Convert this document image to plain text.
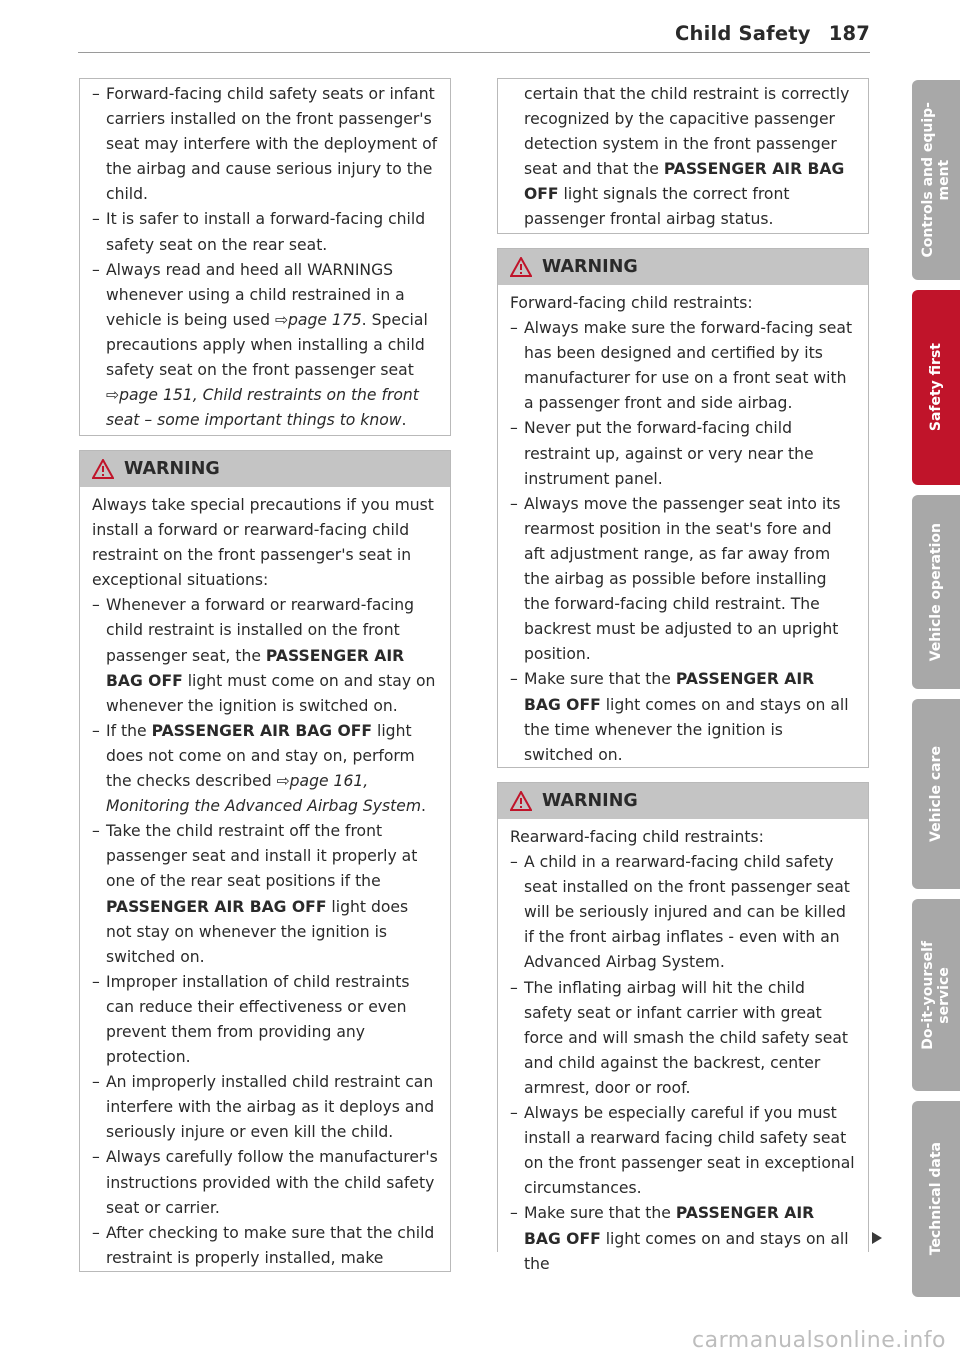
Child Safety 187
– Forward-facing child safety seats or infant carriers installed on the front passenger's seat may interfere with the deployment of the airbag and cause serious injury to the child.
– It is safer to install a forward-facing child safety seat on the rear seat.
– Always read and heed all WARNINGS whenever using a child restrained in a vehicle is being used ⇨page 175. Special precautions apply when installing a child safety seat on the front passenger seat ⇨page 151, Child restraints on the front seat – some important things to know.
WARNING
Always take special precautions if you must install a forward or rearward-facing child restraint on the front passenger's seat in exceptional situations:
– Whenever a forward or rearward-facing child restraint is installed on the front passenger seat, the PASSENGER AIR BAG OFF light must come on and stay on whenever the ignition is switched on.
– If the PASSENGER AIR BAG OFF light does not come on and stay on, perform the checks described ⇨page 161, Monitoring the Advanced Airbag System.
– Take the child restraint off the front passenger seat and install it properly at one of the rear seat positions if the PASSENGER AIR BAG OFF light does not stay on whenever the ignition is switched on.
– Improper installation of child restraints can reduce their effectiveness or even prevent them from providing any protection.
– An improperly installed child restraint can interfere with the airbag as it deploys and seriously injure or even kill the child.
– Always carefully follow the manufacturer's instructions provided with the child safety seat or carrier.
– After checking to make sure that the child restraint is properly installed, make

certain that the child restraint is correctly recognized by the capacitive passenger detection system in the front passenger seat and that the PASSENGER AIR BAG OFF light signals the correct front passenger frontal airbag status.

WARNING
Forward-facing child restraints:
– Always make sure the forward-facing seat has been designed and certified by its manufacturer for use on a front seat with a passenger front and side airbag.
– Never put the forward-facing child restraint up, against or very near the instrument panel.
– Always move the passenger seat into its rearmost position in the seat's fore and aft adjustment range, as far away from the airbag as possible before installing the forward-facing child restraint. The backrest must be adjusted to an upright position.
– Make sure that the PASSENGER AIR BAG OFF light comes on and stays on all the time whenever the ignition is switched on.
WARNING
Rearward-facing child restraints:
– A child in a rearward-facing child safety seat installed on the front passenger seat will be seriously injured and can be killed if the front airbag inflates - even with an Advanced Airbag System.
– The inflating airbag will hit the child safety seat or infant carrier with great force and will smash the child safety seat and child against the backrest, center armrest, door or roof.
– Always be especially careful if you must install a rearward facing child safety seat on the front passenger seat in exceptional circumstances.
– Make sure that the PASSENGER AIR BAG OFF light comes on and stays on all the
Controls and equip-
ment
Safety first
Vehicle operation
Vehicle care
Do-it-yourself
service
Technical data
carmanualsonline.info
